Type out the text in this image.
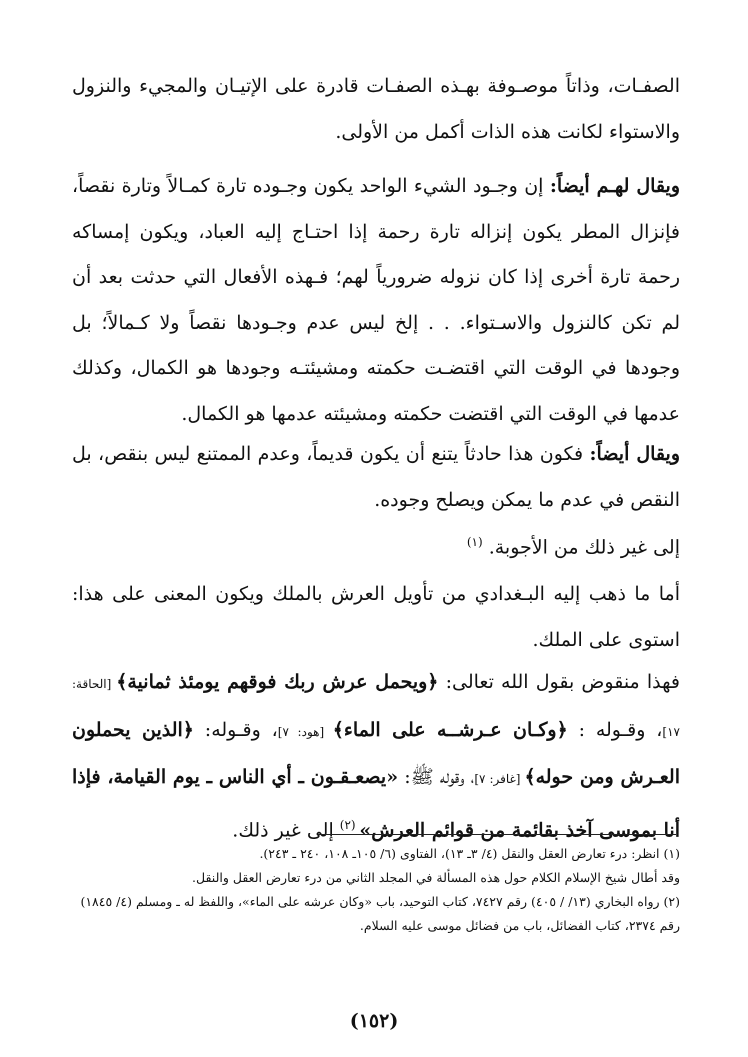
الصفـات، وذاتاً موصـوفة بهـذه الصفـات قادرة على الإتيـان والمجيء والنزول والاستواء لكانت هذه الذات أكمل من الأولى.

ويقال لهـم أيضاً: إن وجـود الشيء الواحد يكون وجـوده تارة كمـالاً وتارة نقصاً، فإنزال المطر يكون إنزاله تارة رحمة إذا احتـاج إليه العباد، ويكون إمساكه رحمة تارة أخرى إذا كان نزوله ضرورياً لهم؛ فـهذه الأفعال التي حدثت بعد أن لم تكن كالنزول والاسـتواء. . . إلخ ليس عدم وجـودها نقصاً ولا كـمالاً؛ بل وجودها في الوقت التي اقتضـت حكمته ومشيئتـه وجودها هو الكمال، وكذلك عدمها في الوقت التي اقتضت حكمته ومشيئته عدمها هو الكمال.

ويقال أيضاً: فكون هذا حادثاً يتنع أن يكون قديماً، وعدم الممتنع ليس بنقص، بل النقص في عدم ما يمكن ويصلح وجوده.

إلى غير ذلك من الأجوبة. $^{(١)}$

أما ما ذهب إليه البـغدادي من تأويل العرش بالملك ويكون المعنى على هذا: استوى على الملك.

فهذا منقوض بقول الله تعالى: ﴿ويحمل عرش ربك فوقهم يومئذ ثمانية﴾ [الحاقة: ١٧]، وقـوله : ﴿وكـان عـرشــه على الماء﴾ [هود: ٧]، وقـوله: ﴿الذين يحملون العـرش ومن حوله﴾ [غافر: ٧]، وقوله ﷺ: «يصعـقـون ـ أي الناس ـ يوم القيامة، فإذا أنا بموسى آخذ بقائمة من قوائم العرش» $^{(٢)}$ إلى غير ذلك.

(١) انظر: درء تعارض العقل والنقل (٤/ ٣ـ ١٣)، الفتاوى (٦/ ١٠٥ـ ١٠٨، ٢٤٠ ـ ٢٤٣).

وقد أطال شيخ الإسلام الكلام حول هذه المسألة في المجلد الثاني من درء تعارض العقل والنقل.

(٢) رواه البخاري (١٣/ / ٤٠٥) رقم ٧٤٢٧، كتاب التوحيد، باب «وكان عرشه على الماء»، واللفظ له ـ ومسلم (٤/ ١٨٤٥) رقم ٢٣٧٤، كتاب الفضائل، باب من فضائل موسى عليه السلام.

(١٥٢)
